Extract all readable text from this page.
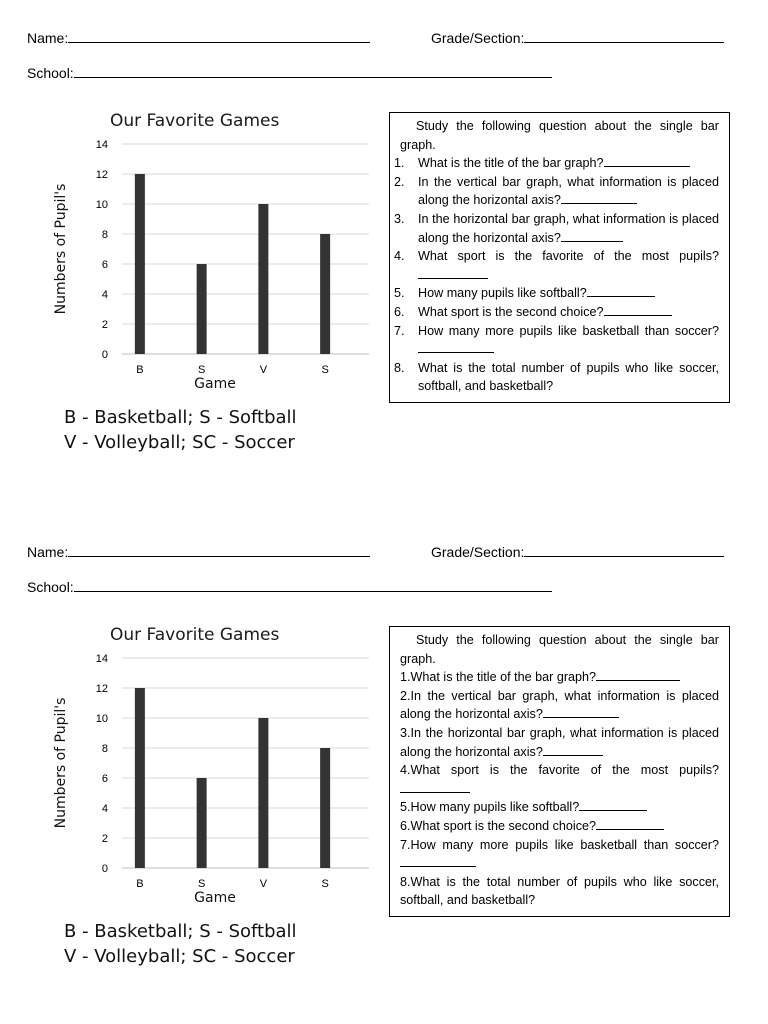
Name:	Grade/Section:
School:
Our Favorite Games
0
2
4
6
8
10
12
14
B	S	V	S
Game
Numbers of Pupil's
B - Basketball; S - Softball
V - Volleyball; SC - Soccer
Study the following question about the single bar graph.
1.	What is the title of the bar graph?
2.	In the vertical bar graph, what information is placed along the horizontal axis?
3.	In the horizontal bar graph, what information is placed along the horizontal axis?
4.	What sport is the favorite of the most pupils?
5.	How many pupils like softball?
6.	What sport is the second choice?
7.	How many more pupils like basketball than soccer?
8.	What is the total number of pupils who like soccer, softball, and basketball?
Name:	Grade/Section:
School:
Our Favorite Games
0
2
4
6
8
10
12
14
B	S	V	S
Game
Numbers of Pupil's
B - Basketball; S - Softball
V - Volleyball; SC - Soccer
Study the following question about the single bar graph.
1.What is the title of the bar graph?
2.In the vertical bar graph, what information is placed along the horizontal axis?
3.In the horizontal bar graph, what information is placed along the horizontal axis?
4.What sport is the favorite of the most pupils?
5.How many pupils like softball?
6.What sport is the second choice?
7.How many more pupils like basketball than soccer?
8.What is the total number of pupils who like soccer, softball, and basketball?
